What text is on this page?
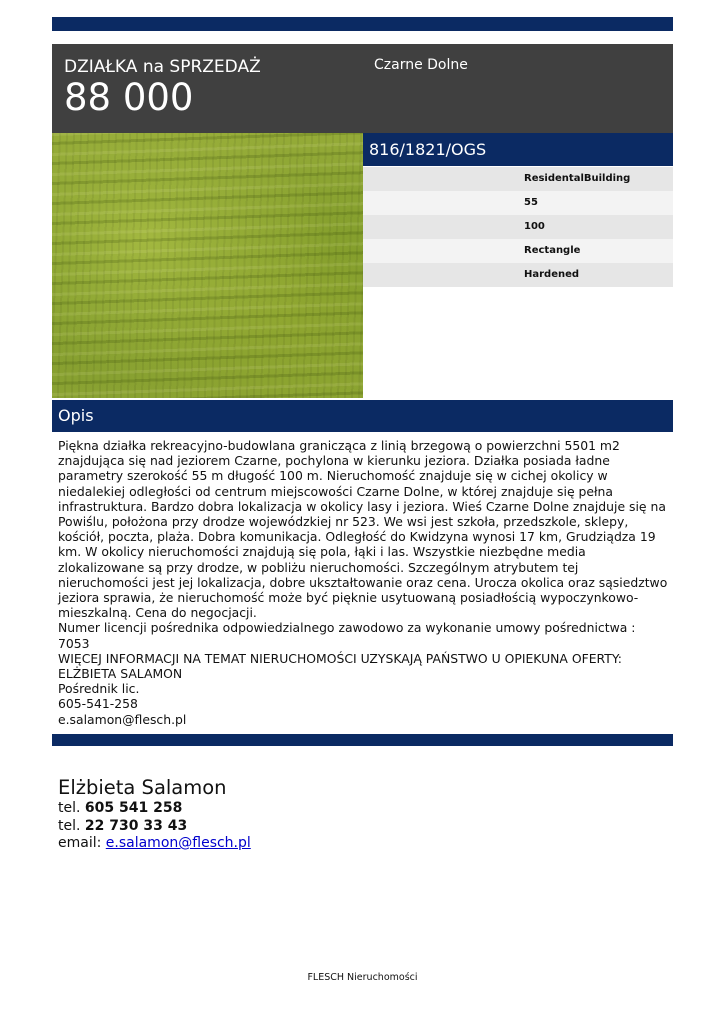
DZIAŁKA na SPRZEDAŻ
88 000
Czarne Dolne
816/1821/OGS
ResidentalBuilding
55
100
Rectangle
Hardened
Opis

Piękna działka rekreacyjno-budowlana granicząca z linią brzegową o powierzchni 5501 m2 znajdująca się nad jeziorem Czarne, pochylona w kierunku jeziora. Działka posiada ładne parametry szerokość 55 m długość 100 m. Nieruchomość znajduje się w cichej okolicy w niedalekiej odległości od centrum miejscowości Czarne Dolne, w której znajduje się pełna infrastruktura. Bardzo dobra lokalizacja w okolicy lasy i jeziora. Wieś Czarne Dolne znajduje się na Powiślu, położona przy drodze wojewódzkiej nr 523. We wsi jest szkoła, przedszkole, sklepy, kościół, poczta, plaża. Dobra komunikacja. Odległość do Kwidzyna wynosi 17 km, Grudziądza 19 km. W okolicy nieruchomości znajdują się pola, łąki i las. Wszystkie niezbędne media zlokalizowane są przy drodze, w pobliżu nieruchomości. Szczególnym atrybutem tej nieruchomości jest jej lokalizacja, dobre ukształtowanie oraz cena. Urocza okolica oraz sąsiedztwo jeziora sprawia, że nieruchomość może być pięknie usytuowaną posiadłością wypoczynkowo-mieszkalną. Cena do negocjacji.

Numer licencji pośrednika odpowiedzialnego zawodowo za wykonanie umowy pośrednictwa : 7053

WIĘCEJ INFORMACJI NA TEMAT NIERUCHOMOŚCI UZYSKAJĄ PAŃSTWO U OPIEKUNA OFERTY:

ELŻBIETA SALAMON

Pośrednik lic.

605-541-258

e.salamon@flesch.pl

Elżbieta Salamon
tel. 605 541 258
tel. 22 730 33 43
email: e.salamon@flesch.pl
FLESCH Nieruchomości
